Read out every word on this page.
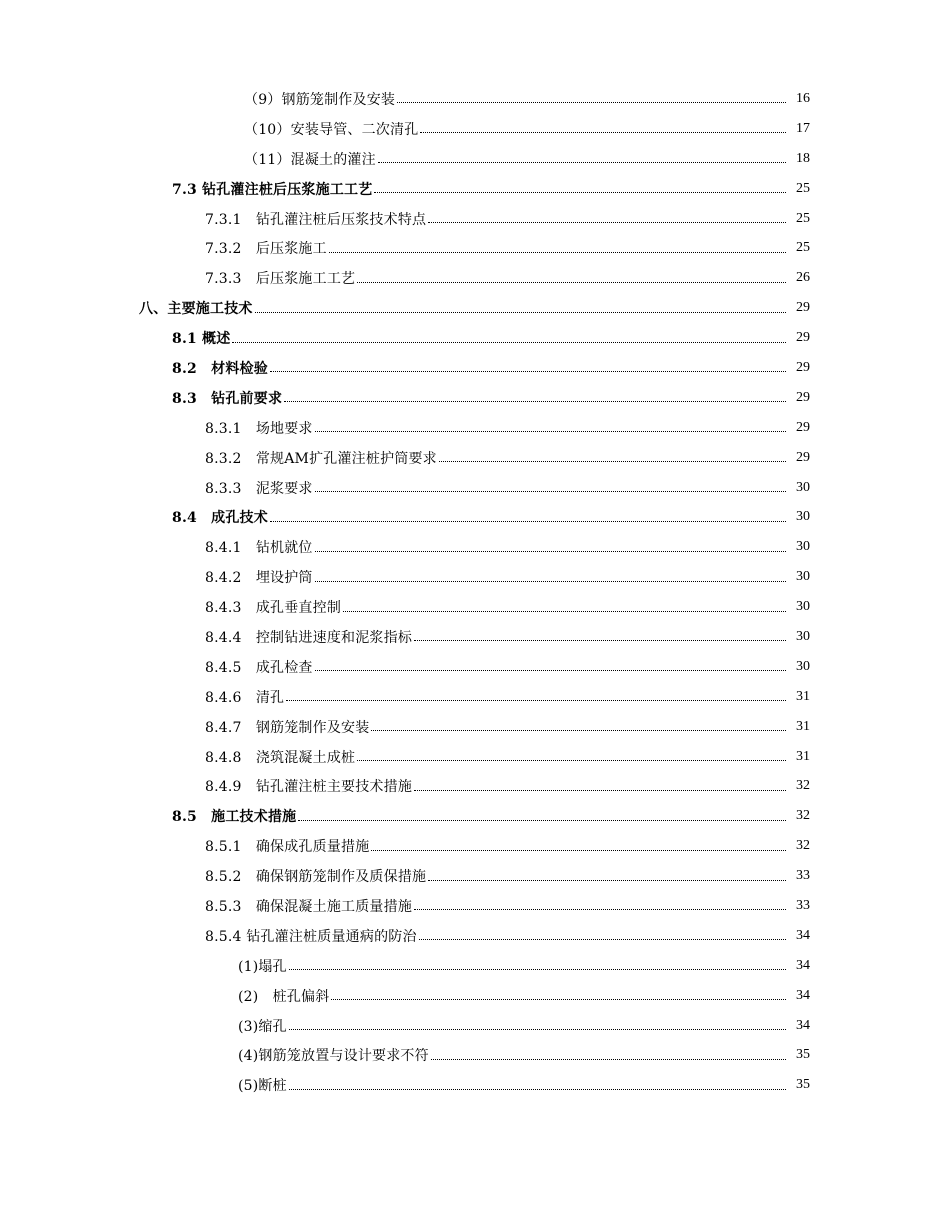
（9）钢筋笼制作及安装	16
（10）安装导管、二次清孔	17
（11）混凝土的灌注	18
7.3 钻孔灌注桩后压浆施工工艺	25
7.3.1　钻孔灌注桩后压浆技术特点	25
7.3.2　后压浆施工	25
7.3.3　后压浆施工工艺	26
八、主要施工技术	29
8.1 概述	29
8.2　材料检验	29
8.3　钻孔前要求	29
8.3.1　场地要求	29
8.3.2　常规AM扩孔灌注桩护筒要求	29
8.3.3　泥浆要求	30
8.4　成孔技术	30
8.4.1　钻机就位	30
8.4.2　埋设护筒	30
8.4.3　成孔垂直控制	30
8.4.4　控制钻进速度和泥浆指标	30
8.4.5　成孔检查	30
8.4.6　清孔	31
8.4.7　钢筋笼制作及安装	31
8.4.8　浇筑混凝土成桩	31
8.4.9　钻孔灌注桩主要技术措施	32
8.5　施工技术措施	32
8.5.1　确保成孔质量措施	32
8.5.2　确保钢筋笼制作及质保措施	33
8.5.3　确保混凝土施工质量措施	33
8.5.4 钻孔灌注桩质量通病的防治	34
(1)塌孔	34
(2)　桩孔偏斜	34
(3)缩孔	34
(4)钢筋笼放置与设计要求不符	35
(5)断桩	35
